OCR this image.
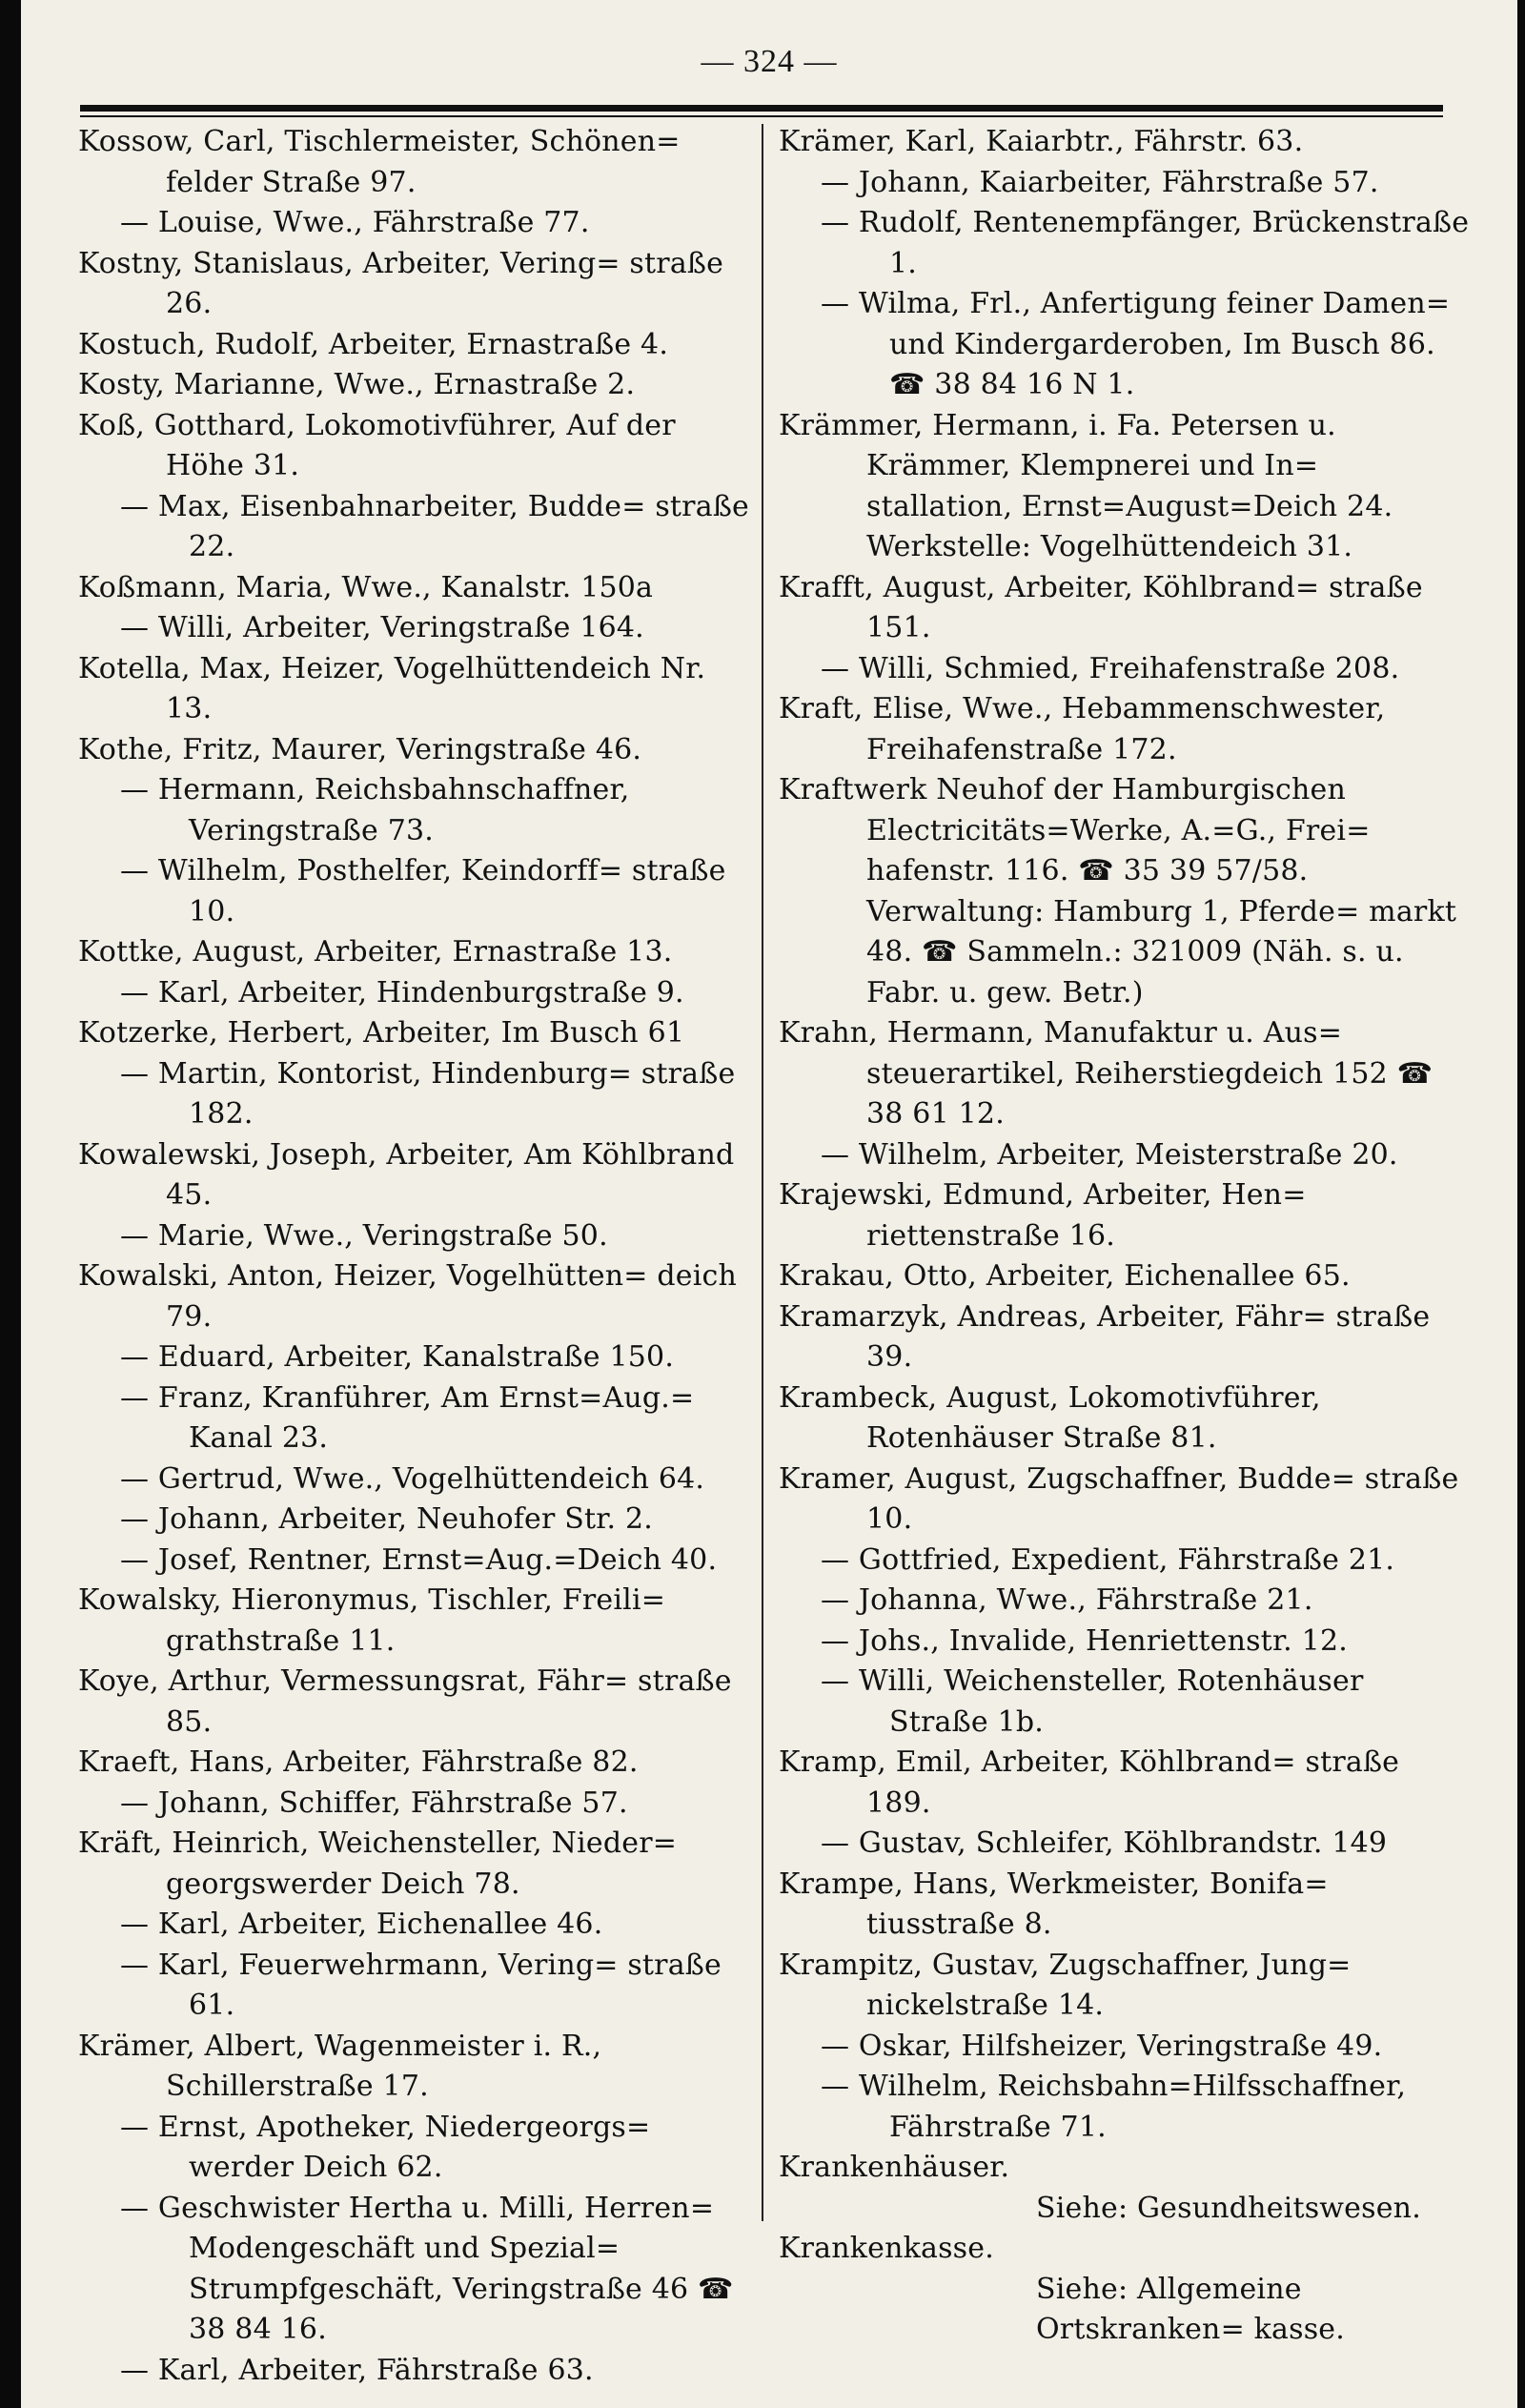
— 324 —

Kossow, Carl, Tischlermeister, Schönen= felder Straße 97.

— Louise, Wwe., Fährstraße 77.

Kostny, Stanislaus, Arbeiter, Vering= straße 26.

Kostuch, Rudolf, Arbeiter, Ernastraße 4.

Kosty, Marianne, Wwe., Ernastraße 2.

Koß, Gotthard, Lokomotivführer, Auf der Höhe 31.

— Max, Eisenbahnarbeiter, Budde= straße 22.

Koßmann, Maria, Wwe., Kanalstr. 150a

— Willi, Arbeiter, Veringstraße 164.

Kotella, Max, Heizer, Vogelhüttendeich Nr. 13.

Kothe, Fritz, Maurer, Veringstraße 46.

— Hermann, Reichsbahnschaffner, Veringstraße 73.

— Wilhelm, Posthelfer, Keindorff= straße 10.

Kottke, August, Arbeiter, Ernastraße 13.

— Karl, Arbeiter, Hindenburgstraße 9.

Kotzerke, Herbert, Arbeiter, Im Busch 61

— Martin, Kontorist, Hindenburg= straße 182.

Kowalewski, Joseph, Arbeiter, Am Köhlbrand 45.

— Marie, Wwe., Veringstraße 50.

Kowalski, Anton, Heizer, Vogelhütten= deich 79.

— Eduard, Arbeiter, Kanalstraße 150.

— Franz, Kranführer, Am Ernst=Aug.= Kanal 23.

— Gertrud, Wwe., Vogelhüttendeich 64.

— Johann, Arbeiter, Neuhofer Str. 2.

— Josef, Rentner, Ernst=Aug.=Deich 40.

Kowalsky, Hieronymus, Tischler, Freili= grathstraße 11.

Koye, Arthur, Vermessungsrat, Fähr= straße 85.

Kraeft, Hans, Arbeiter, Fährstraße 82.

— Johann, Schiffer, Fährstraße 57.

Kräft, Heinrich, Weichensteller, Nieder= georgswerder Deich 78.

— Karl, Arbeiter, Eichenallee 46.

— Karl, Feuerwehrmann, Vering= straße 61.

Krämer, Albert, Wagenmeister i. R., Schillerstraße 17.

— Ernst, Apotheker, Niedergeorgs= werder Deich 62.

— Geschwister Hertha u. Milli, Herren= Modengeschäft und Spezial= Strumpfgeschäft, Veringstraße 46 ☎ 38 84 16.

— Karl, Arbeiter, Fährstraße 63.

Krämer, Karl, Kaiarbtr., Fährstr. 63.

— Johann, Kaiarbeiter, Fährstraße 57.

— Rudolf, Rentenempfänger, Brückenstraße 1.

— Wilma, Frl., Anfertigung feiner Damen= und Kindergarderoben, Im Busch 86. ☎ 38 84 16 N 1.

Krämmer, Hermann, i. Fa. Petersen u. Krämmer, Klempnerei und In= stallation, Ernst=August=Deich 24. Werkstelle: Vogelhüttendeich 31.

Krafft, August, Arbeiter, Köhlbrand= straße 151.

— Willi, Schmied, Freihafenstraße 208.

Kraft, Elise, Wwe., Hebammenschwester, Freihafenstraße 172.

Kraftwerk Neuhof der Hamburgischen Electricitäts=Werke, A.=G., Frei= hafenstr. 116. ☎ 35 39 57/58. Verwaltung: Hamburg 1, Pferde= markt 48. ☎ Sammeln.: 321009 (Näh. s. u. Fabr. u. gew. Betr.)

Krahn, Hermann, Manufaktur u. Aus= steuerartikel, Reiherstiegdeich 152 ☎ 38 61 12.

— Wilhelm, Arbeiter, Meisterstraße 20.

Krajewski, Edmund, Arbeiter, Hen= riettenstraße 16.

Krakau, Otto, Arbeiter, Eichenallee 65.

Kramarzyk, Andreas, Arbeiter, Fähr= straße 39.

Krambeck, August, Lokomotivführer, Rotenhäuser Straße 81.

Kramer, August, Zugschaffner, Budde= straße 10.

— Gottfried, Expedient, Fährstraße 21.

— Johanna, Wwe., Fährstraße 21.

— Johs., Invalide, Henriettenstr. 12.

— Willi, Weichensteller, Rotenhäuser Straße 1b.

Kramp, Emil, Arbeiter, Köhlbrand= straße 189.

— Gustav, Schleifer, Köhlbrandstr. 149

Krampe, Hans, Werkmeister, Bonifa= tiusstraße 8.

Krampitz, Gustav, Zugschaffner, Jung= nickelstraße 14.

— Oskar, Hilfsheizer, Veringstraße 49.

— Wilhelm, Reichsbahn=Hilfsschaffner, Fährstraße 71.

Krankenhäuser.
Siehe: Gesundheitswesen.

Krankenkasse.
Siehe: Allgemeine Ortskranken= kasse.
